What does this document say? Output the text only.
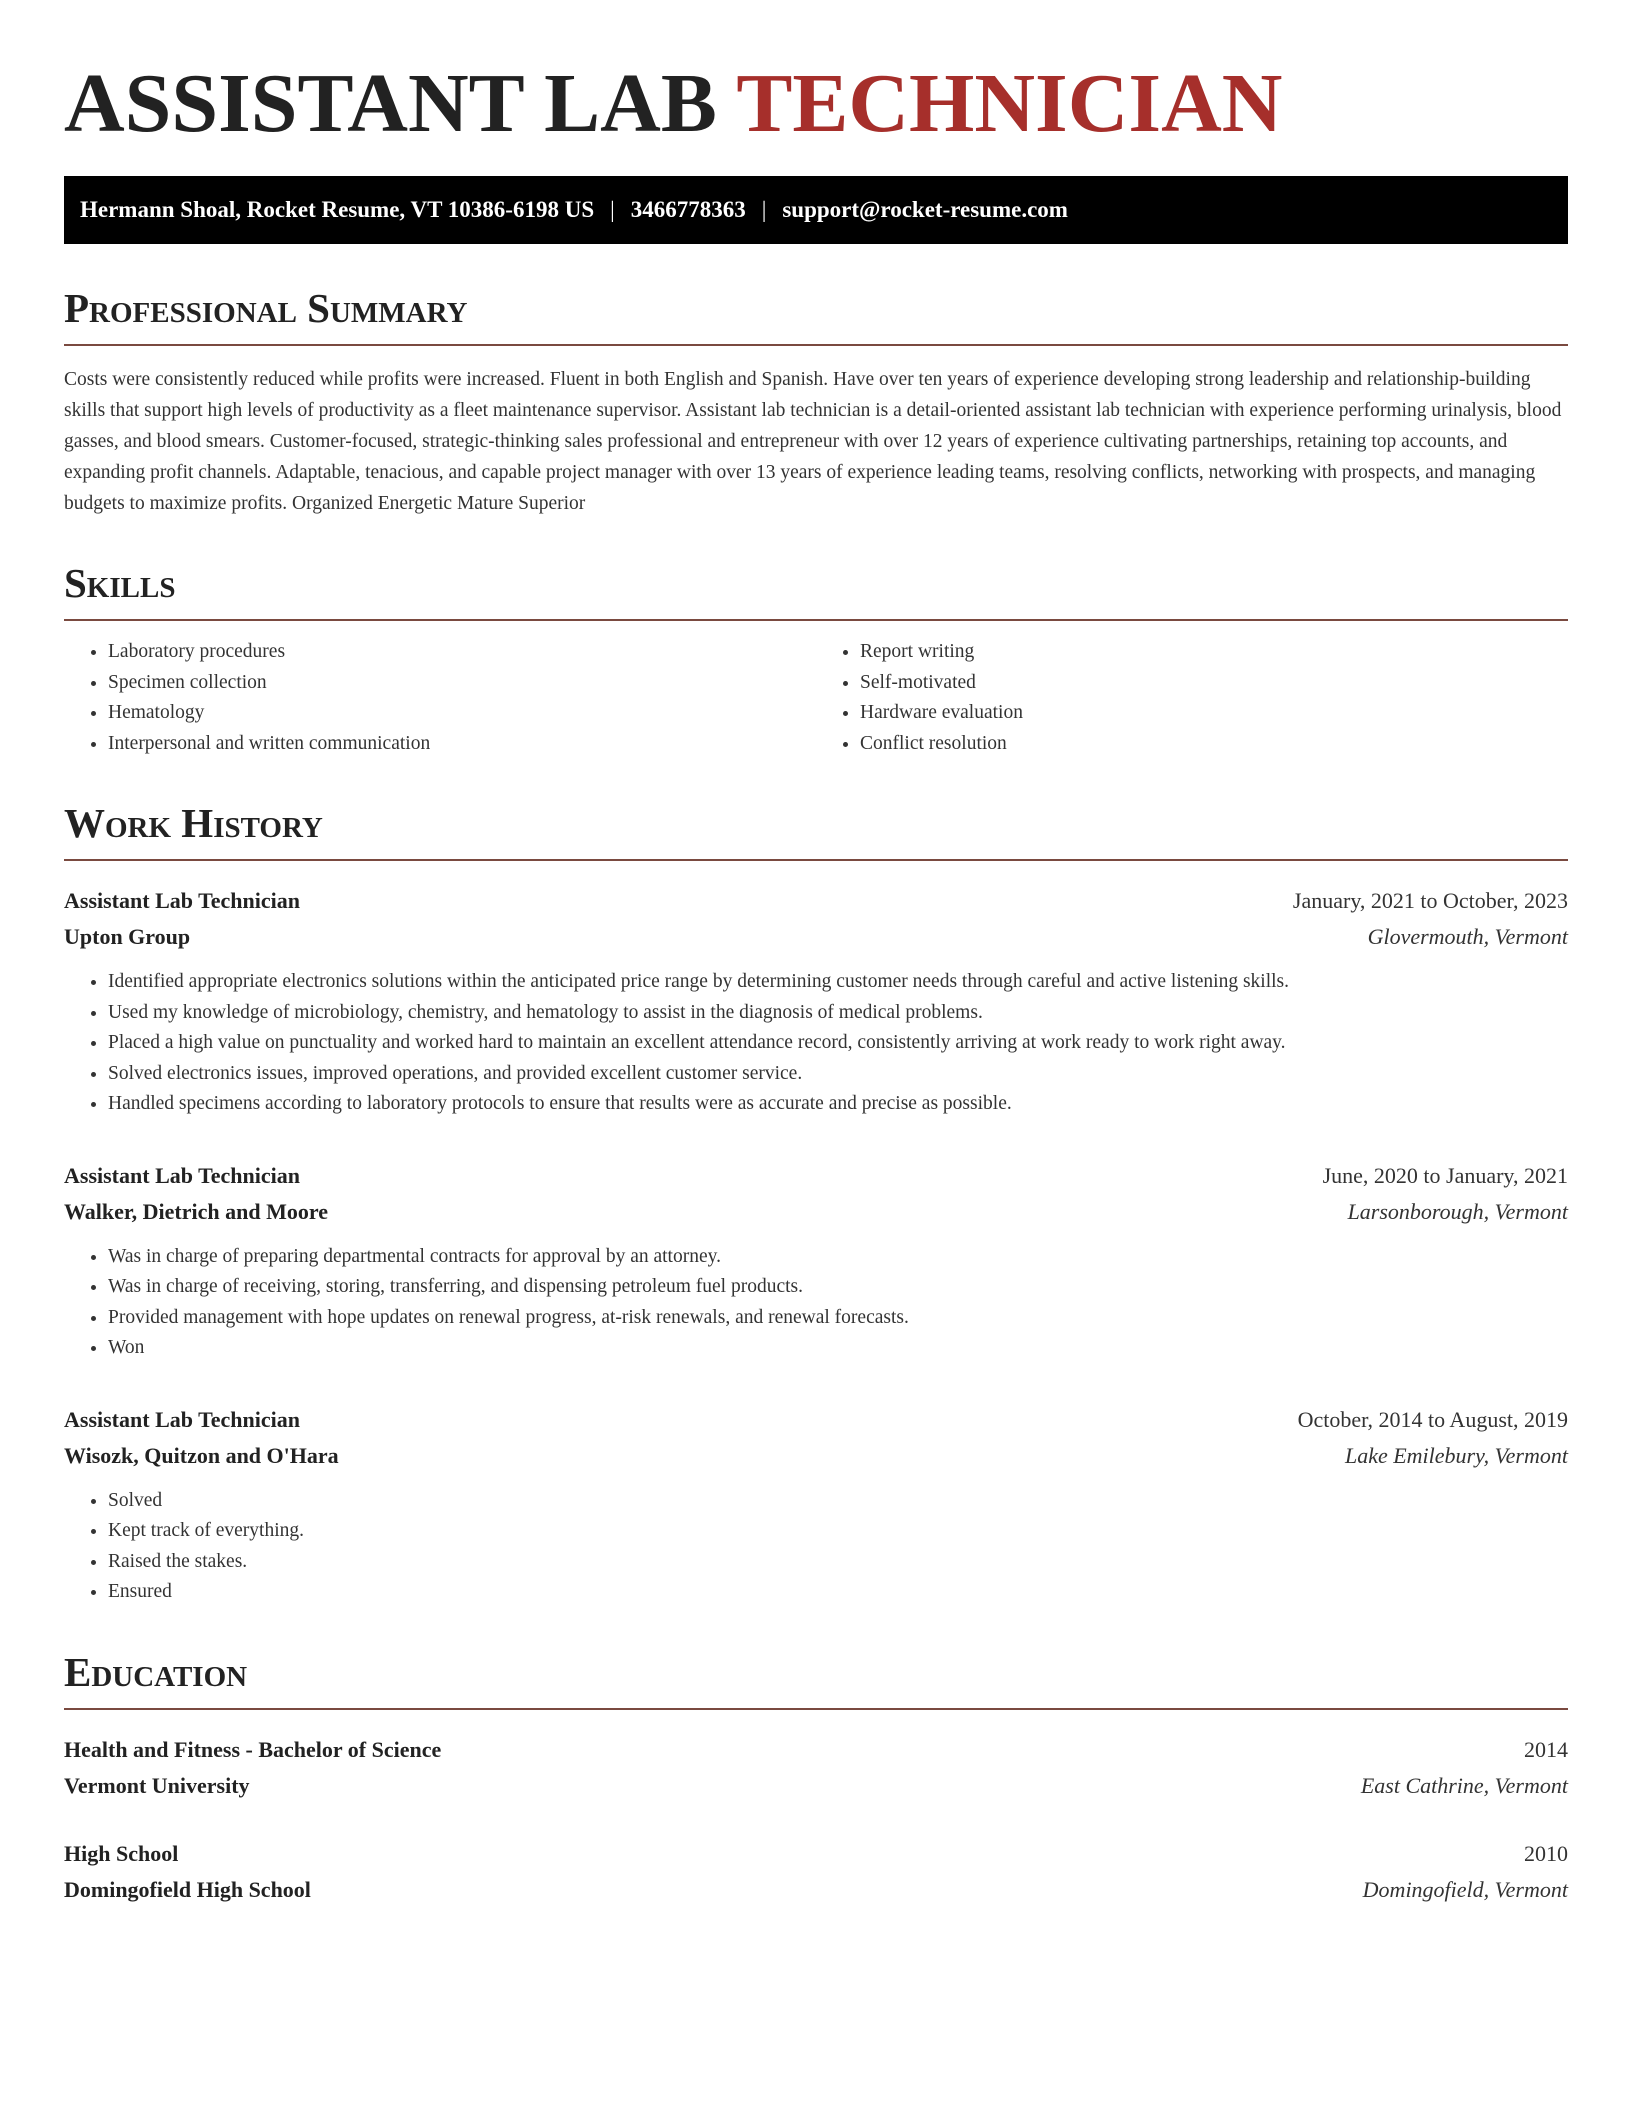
ASSISTANT LAB TECHNICIAN
Hermann Shoal, Rocket Resume, VT 10386-6198 US | 3466778363 | support@rocket-resume.com
Professional Summary

Costs were consistently reduced while profits were increased. Fluent in both English and Spanish. Have over ten years of experience developing strong leadership and relationship-building skills that support high levels of productivity as a fleet maintenance supervisor. Assistant lab technician is a detail-oriented assistant lab technician with experience performing urinalysis, blood gasses, and blood smears. Customer-focused, strategic-thinking sales professional and entrepreneur with over 12 years of experience cultivating partnerships, retaining top accounts, and expanding profit channels. Adaptable, tenacious, and capable project manager with over 13 years of experience leading teams, resolving conflicts, networking with prospects, and managing budgets to maximize profits. Organized Energetic Mature Superior

Skills
• Laboratory procedures
• Specimen collection
• Hematology
• Interpersonal and written communication
• Report writing
• Self-motivated
• Hardware evaluation
• Conflict resolution
Work History
Assistant Lab Technician	January, 2021 to October, 2023
Upton Group	Glovermouth, Vermont
• Identified appropriate electronics solutions within the anticipated price range by determining customer needs through careful and active listening skills.
• Used my knowledge of microbiology, chemistry, and hematology to assist in the diagnosis of medical problems.
• Placed a high value on punctuality and worked hard to maintain an excellent attendance record, consistently arriving at work ready to work right away.
• Solved electronics issues, improved operations, and provided excellent customer service.
• Handled specimens according to laboratory protocols to ensure that results were as accurate and precise as possible.
Assistant Lab Technician	June, 2020 to January, 2021
Walker, Dietrich and Moore	Larsonborough, Vermont
• Was in charge of preparing departmental contracts for approval by an attorney.
• Was in charge of receiving, storing, transferring, and dispensing petroleum fuel products.
• Provided management with hope updates on renewal progress, at-risk renewals, and renewal forecasts.
• Won
Assistant Lab Technician	October, 2014 to August, 2019
Wisozk, Quitzon and O'Hara	Lake Emilebury, Vermont
• Solved
• Kept track of everything.
• Raised the stakes.
• Ensured
Education
Health and Fitness - Bachelor of Science	2014
Vermont University	East Cathrine, Vermont
High School	2010
Domingofield High School	Domingofield, Vermont
